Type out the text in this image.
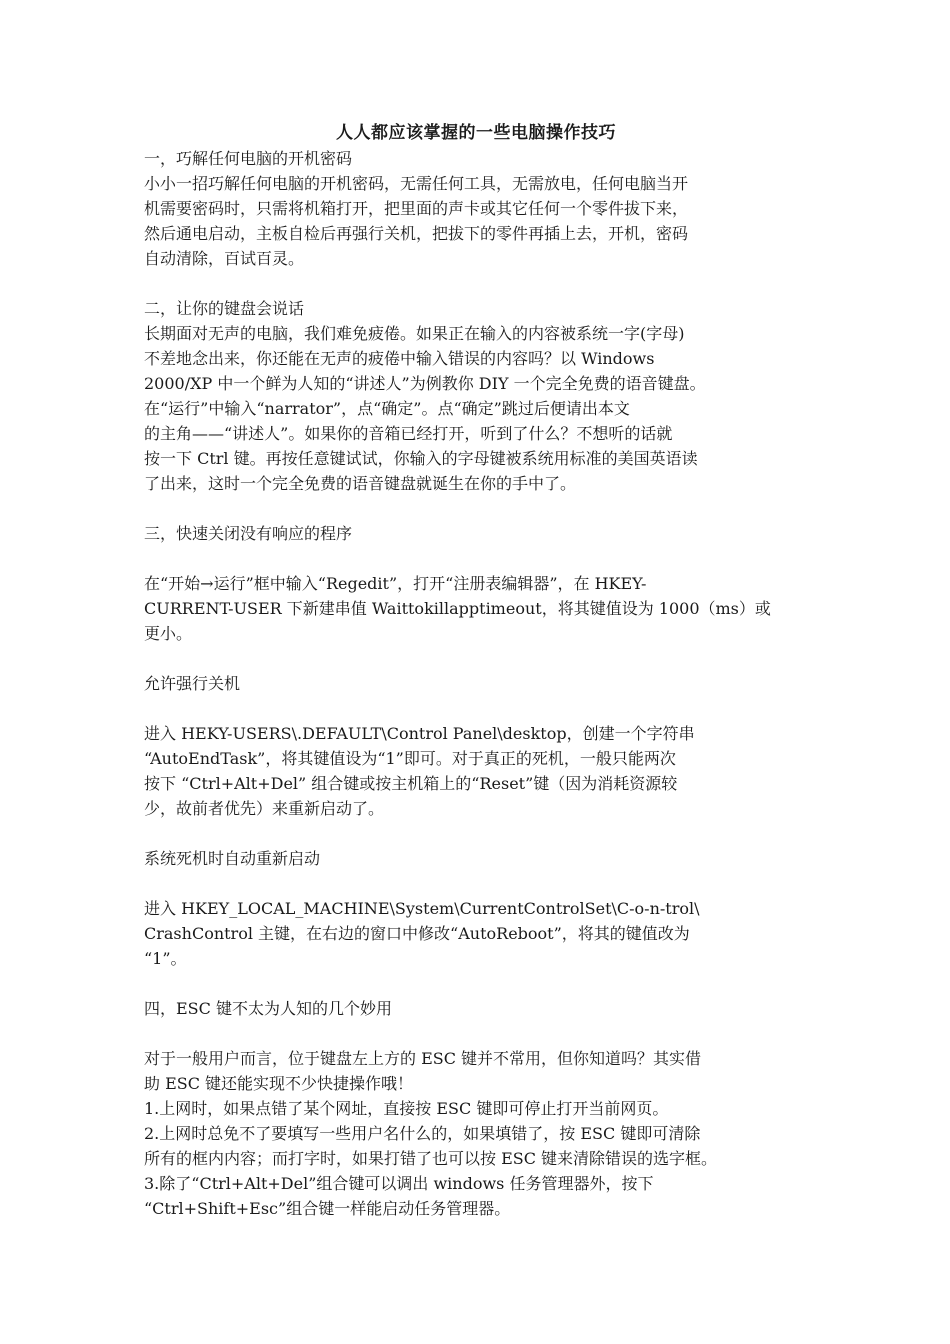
人人都应该掌握的一些电脑操作技巧
一，巧解任何电脑的开机密码
小小一招巧解任何电脑的开机密码，无需任何工具，无需放电，任何电脑当开
机需要密码时，只需将机箱打开，把里面的声卡或其它任何一个零件拔下来，
然后通电启动，主板自检后再强行关机，把拔下的零件再插上去，开机，密码
自动清除，百试百灵。
二，让你的键盘会说话
长期面对无声的电脑，我们难免疲倦。如果正在输入的内容被系统一字(字母)
不差地念出来，你还能在无声的疲倦中输入错误的内容吗？以 Windows
2000/XP 中一个鲜为人知的“讲述人”为例教你 DIY 一个完全免费的语音键盘。
在“运行”中输入“narrator”，点“确定”。点“确定”跳过后便请出本文
的主角——“讲述人”。如果你的音箱已经打开，听到了什么？不想听的话就
按一下 Ctrl 键。再按任意键试试，你输入的字母键被系统用标准的美国英语读
了出来，这时一个完全免费的语音键盘就诞生在你的手中了。
三，快速关闭没有响应的程序
在“开始→运行”框中输入“Regedit”，打开“注册表编辑器”，在 HKEY-
CURRENT-USER 下新建串值 Waittokillapptimeout，将其键值设为 1000（ms）或
更小。
允许强行关机
进入 HEKY-USERS\.DEFAULT\Control Panel\desktop，创建一个字符串
“AutoEndTask”，将其键值设为“1”即可。对于真正的死机，一般只能两次
按下 “Ctrl+Alt+Del” 组合键或按主机箱上的“Reset”键（因为消耗资源较
少，故前者优先）来重新启动了。
系统死机时自动重新启动
进入 HKEY_LOCAL_MACHINE\System\CurrentControlSet\C-o-n-trol\
CrashControl 主键，在右边的窗口中修改“AutoReboot”，将其的键值改为
“1”。
四，ESC 键不太为人知的几个妙用
对于一般用户而言，位于键盘左上方的 ESC 键并不常用，但你知道吗？其实借
助 ESC 键还能实现不少快捷操作哦！
1.上网时，如果点错了某个网址，直接按 ESC 键即可停止打开当前网页。
2.上网时总免不了要填写一些用户名什么的，如果填错了，按 ESC 键即可清除
所有的框内内容；而打字时，如果打错了也可以按 ESC 键来清除错误的选字框。
3.除了“Ctrl+Alt+Del”组合键可以调出 windows 任务管理器外，按下
“Ctrl+Shift+Esc”组合键一样能启动任务管理器。
